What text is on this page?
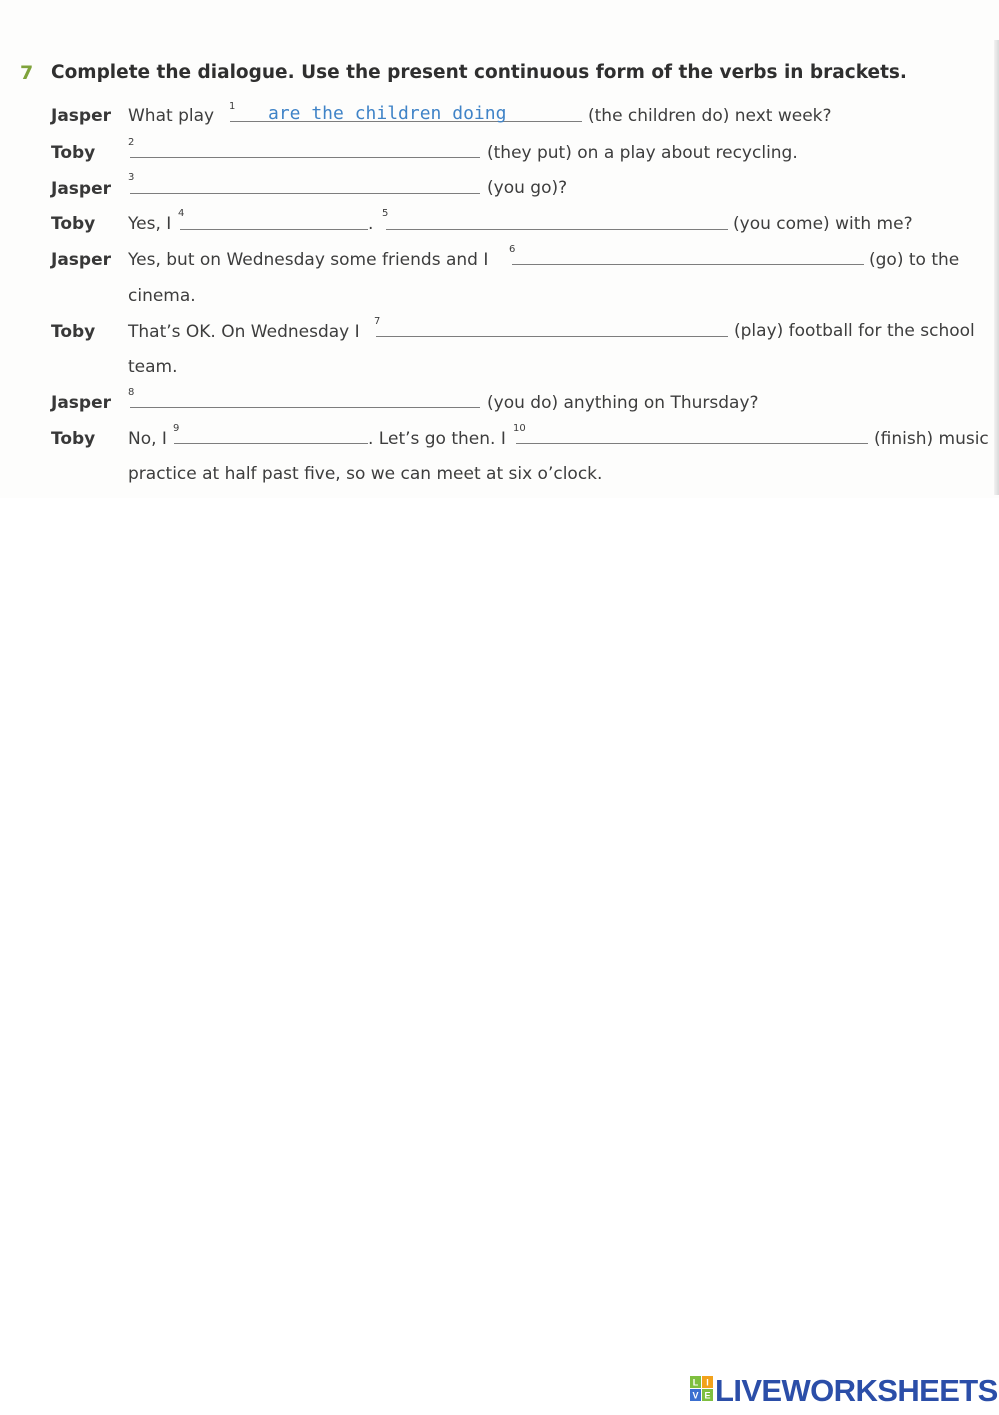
7 Complete the dialogue. Use the present continuous form of the verbs in brackets.
Jasper What play 1 are the children doing	(the children do) next week?
Toby
2
(they put) on a play about recycling.
Jasper
3
(you go)?
Toby Yes, I
4
.
5
(you come) with me?
Jasper Yes, but on Wednesday some friends and I
6
(go) to the
cinema.
Toby That’s OK. On Wednesday I
7	(play) football for the school
team.
Jasper
8
(you do) anything on Thursday?
Toby No, I
9
. Let’s go then. I
10
(finish) music
practice at half past five, so we can meet at six o’clock.
L I
V E LIVEWORKSHEETS
